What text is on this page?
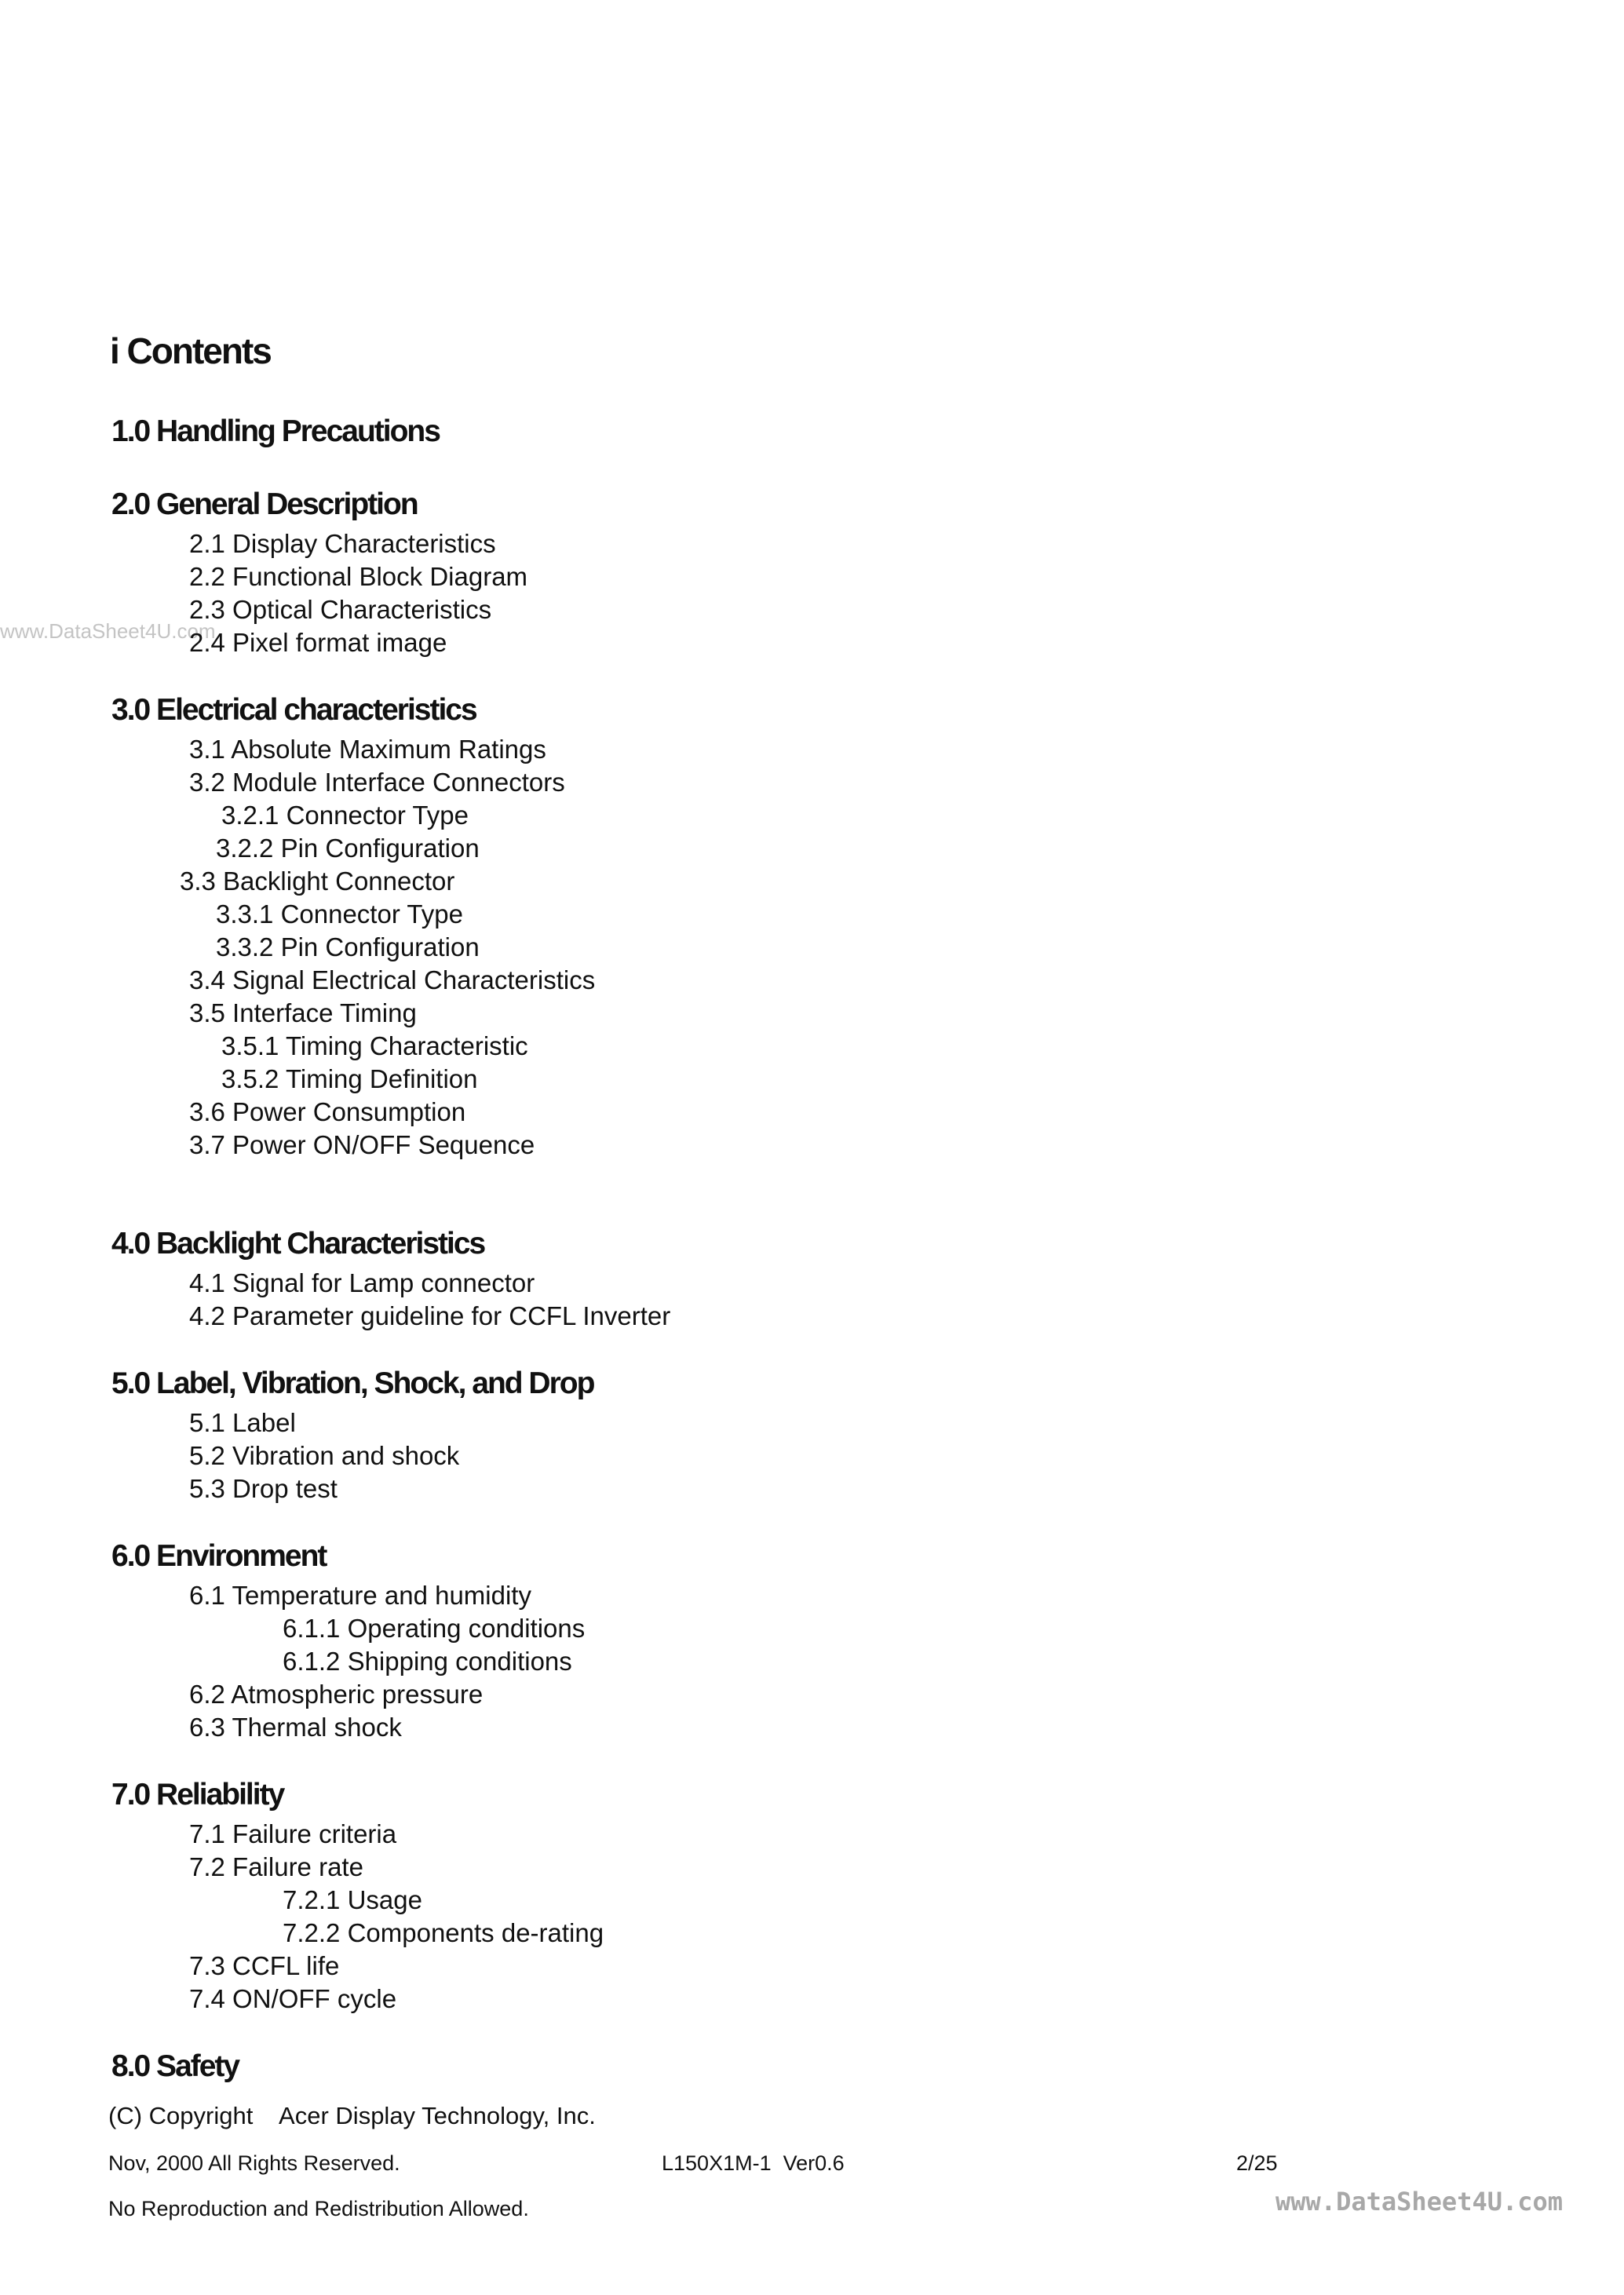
i Contents
www.DataSheet4U.com
1.0 Handling Precautions
2.0 General Description
2.1 Display Characteristics
2.2 Functional Block Diagram
2.3 Optical Characteristics
2.4 Pixel format image
3.0 Electrical characteristics
3.1 Absolute Maximum Ratings
3.2 Module Interface Connectors
3.2.1 Connector Type
3.2.2 Pin Configuration
3.3 Backlight Connector
3.3.1 Connector Type
3.3.2 Pin Configuration
3.4 Signal Electrical Characteristics
3.5 Interface Timing
3.5.1 Timing Characteristic
3.5.2 Timing Definition
3.6 Power Consumption
3.7 Power ON/OFF Sequence
4.0 Backlight Characteristics
4.1 Signal for Lamp connector
4.2 Parameter guideline for CCFL Inverter
5.0 Label, Vibration, Shock, and Drop
5.1 Label
5.2 Vibration and shock
5.3 Drop test
6.0 Environment
6.1 Temperature and humidity
6.1.1 Operating conditions
6.1.2 Shipping conditions
6.2 Atmospheric pressure
6.3 Thermal shock
7.0 Reliability
7.1 Failure criteria
7.2 Failure rate
7.2.1 Usage
7.2.2 Components de-rating
7.3 CCFL life
7.4 ON/OFF cycle
8.0 Safety
(C) Copyright    Acer Display Technology, Inc.
Nov, 2000 All Rights Reserved.	L150X1M-1  Ver0.6	2/25
No Reproduction and Redistribution Allowed.	www.DataSheet4U.com
